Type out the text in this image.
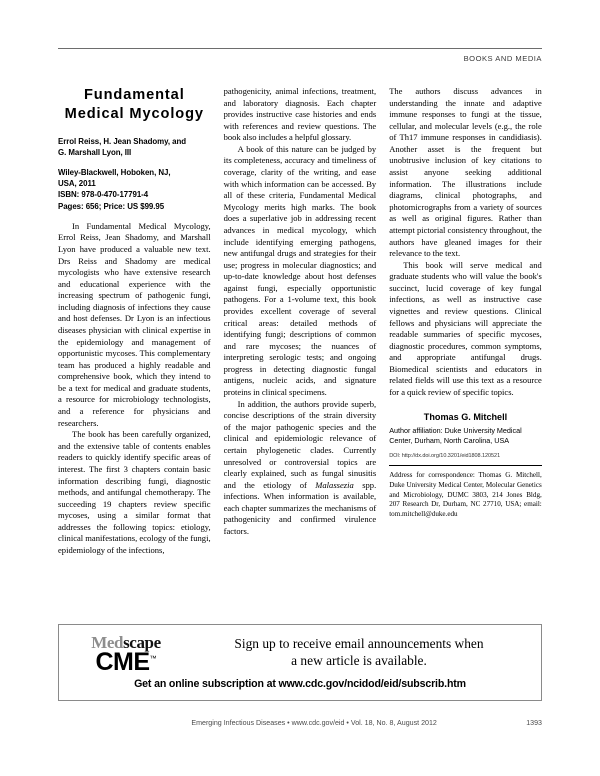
BOOKS AND MEDIA
Fundamental
Medical Mycology
Errol Reiss, H. Jean Shadomy, and
G. Marshall Lyon, III
Wiley-Blackwell, Hoboken, NJ,
USA, 2011
ISBN: 978-0-470-17791-4
Pages: 656; Price: US $99.95

In Fundamental Medical Mycology, Errol Reiss, Jean Shadomy, and Marshall Lyon have produced a valuable new text. Drs Reiss and Shadomy are medical mycologists who have extensive research and educational experience with the increasing spectrum of pathogenic fungi, including diagnosis of infections they cause and host defenses. Dr Lyon is an infectious diseases physician with clinical expertise in the epidemiology and management of opportunistic mycoses. This complementary team has produced a highly readable and comprehensive book, which they intend to be a text for medical and graduate students, a resource for microbiology technologists, and a reference for physicians and researchers.

The book has been carefully organized, and the extensive table of contents enables readers to quickly identify specific areas of interest. The first 3 chapters contain basic information describing fungi, diagnostic methods, and antifungal chemotherapy. The succeeding 19 chapters review specific mycoses, using a similar format that addresses the following topics: etiology, clinical manifestations, ecology of the fungi, epidemiology of the infections,

pathogenicity, animal infections, treatment, and laboratory diagnosis. Each chapter provides instructive case histories and ends with references and review questions. The book also includes a helpful glossary.

A book of this nature can be judged by its completeness, accuracy and timeliness of coverage, clarity of the writing, and ease with which information can be accessed. By all of these criteria, Fundamental Medical Mycology merits high marks. The book does a superlative job in addressing recent advances in medical mycology, which include identifying emerging pathogens, new antifungal drugs and strategies for their use; progress in molecular diagnostics; and up-to-date knowledge about host defenses against fungi, especially opportunistic pathogens. For a 1-volume text, this book provides excellent coverage of several critical areas: detailed methods of identifying fungi; descriptions of common and rare mycoses; the nuances of interpreting serologic tests; and ongoing progress in detecting diagnostic fungal antigens, nucleic acids, and signature proteins in clinical specimens.

In addition, the authors provide superb, concise descriptions of the strain diversity of the major pathogenic species and the clinical and epidemiologic relevance of certain phylogenetic clades. Currently unresolved or controversial topics are clearly explained, such as fungal sinusitis and the etiology of Malassezia spp. infections. When information is available, each chapter summarizes the mechanisms of pathogenicity and confirmed virulence factors.

The authors discuss advances in understanding the innate and adaptive immune responses to fungi at the tissue, cellular, and molecular levels (e.g., the role of Th17 immune responses in candidiasis). Another asset is the frequent but unobtrusive inclusion of key citations to assist anyone seeking additional information. The illustrations include diagrams, clinical photographs, and photomicrographs from a variety of sources as well as original figures. Rather than attempt pictorial consistency throughout, the authors have gleaned images for their relevance to the text.

This book will serve medical and graduate students who will value the book's succinct, lucid coverage of key fungal infections, as well as instructive case vignettes and review questions. Clinical fellows and physicians will appreciate the readable summaries of specific mycoses, diagnostic procedures, common symptoms, and appropriate antifungal drugs. Biomedical scientists and educators in related fields will use this text as a resource for a quick review of specific topics.

Thomas G. Mitchell
Author affiliation: Duke University Medical Center, Durham, North Carolina, USA
DOI: http://dx.doi.org/10.3201/eid1808.120521
Address for correspondence: Thomas G. Mitchell, Duke University Medical Center, Molecular Genetics and Microbiology, DUMC 3803, 214 Jones Bldg, 207 Research Dr, Durham, NC 27710, USA; email: tom.mitchell@duke.edu
Medscape
CME™
Sign up to receive email announcements when
a new article is available.
Get an online subscription at www.cdc.gov/ncidod/eid/subscrib.htm
Emerging Infectious Diseases • www.cdc.gov/eid • Vol. 18, No. 8, August 2012	1393
